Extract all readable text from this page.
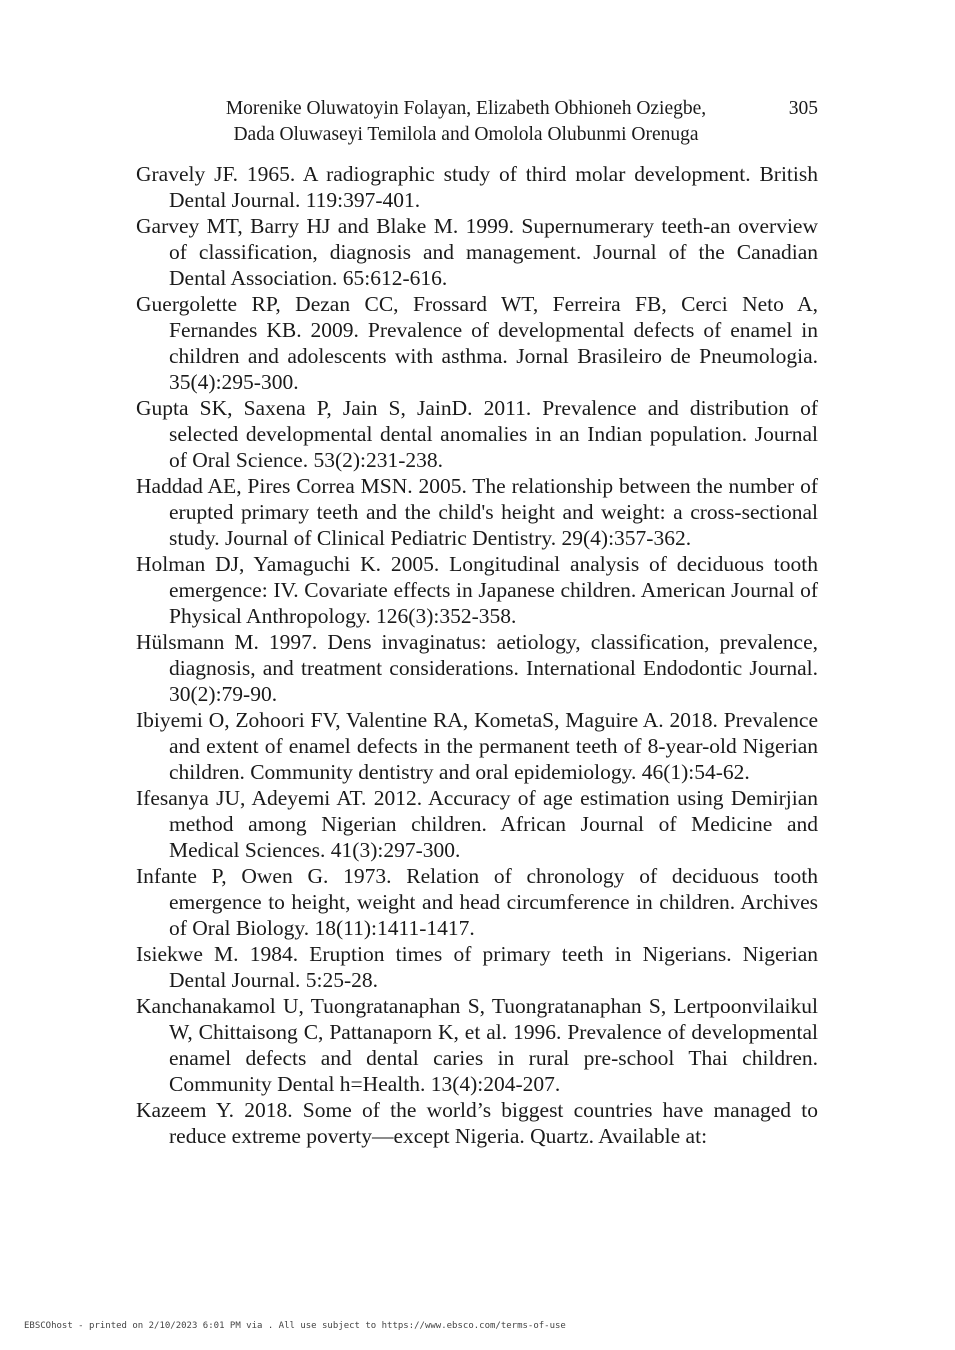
Morenike Oluwatoyin Folayan, Elizabeth Obhioneh Oziegbe,
Dada Oluwaseyi Temilola and Omolola Olubunmi Orenuga
305
Gravely JF. 1965. A radiographic study of third molar development. British Dental Journal. 119:397-401.
Garvey MT, Barry HJ and Blake M. 1999. Supernumerary teeth-an overview of classification, diagnosis and management. Journal of the Canadian Dental Association. 65:612-616.
Guergolette RP, Dezan CC, Frossard WT, Ferreira FB, Cerci Neto A, Fernandes KB. 2009. Prevalence of developmental defects of enamel in children and adolescents with asthma. Jornal Brasileiro de Pneumologia. 35(4):295-300.
Gupta SK, Saxena P, Jain S, JainD. 2011. Prevalence and distribution of selected developmental dental anomalies in an Indian population. Journal of Oral Science. 53(2):231-238.
Haddad AE, Pires Correa MSN. 2005. The relationship between the number of erupted primary teeth and the child's height and weight: a cross-sectional study. Journal of Clinical Pediatric Dentistry. 29(4):357-362.
Holman DJ, Yamaguchi K. 2005. Longitudinal analysis of deciduous tooth emergence: IV. Covariate effects in Japanese children. American Journal of Physical Anthropology. 126(3):352-358.
Hülsmann M. 1997. Dens invaginatus: aetiology, classification, prevalence, diagnosis, and treatment considerations. International Endodontic Journal. 30(2):79-90.
Ibiyemi O, Zohoori FV, Valentine RA, KometaS, Maguire A. 2018. Prevalence and extent of enamel defects in the permanent teeth of 8-year-old Nigerian children. Community dentistry and oral epidemiology. 46(1):54-62.
Ifesanya JU, Adeyemi AT. 2012. Accuracy of age estimation using Demirjian method among Nigerian children. African Journal of Medicine and Medical Sciences. 41(3):297-300.
Infante P, Owen G. 1973. Relation of chronology of deciduous tooth emergence to height, weight and head circumference in children. Archives of Oral Biology. 18(11):1411-1417.
Isiekwe M. 1984. Eruption times of primary teeth in Nigerians. Nigerian Dental Journal. 5:25-28.
Kanchanakamol U, Tuongratanaphan S, Tuongratanaphan S, Lertpoonvilaikul W, Chittaisong C, Pattanaporn K, et al. 1996. Prevalence of developmental enamel defects and dental caries in rural pre-school Thai children. Community Dental h=Health. 13(4):204-207.
Kazeem Y. 2018. Some of the world’s biggest countries have managed to reduce extreme poverty—except Nigeria. Quartz. Available at:
EBSCOhost - printed on 2/10/2023 6:01 PM via . All use subject to https://www.ebsco.com/terms-of-use
